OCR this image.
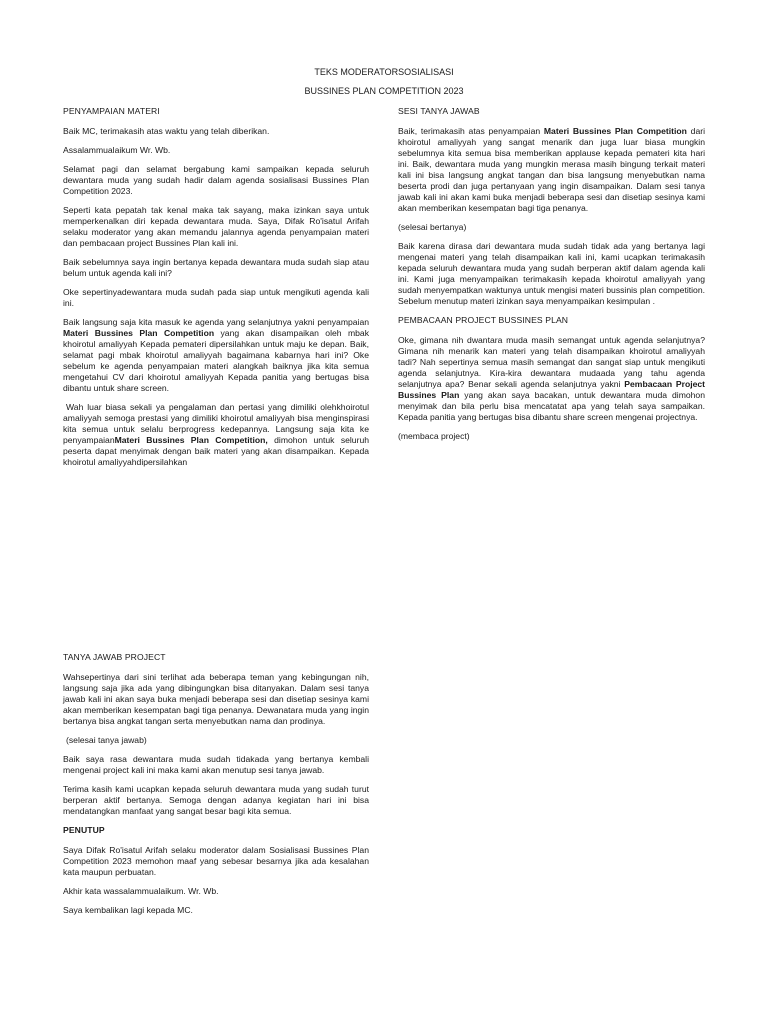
TEKS MODERATORSOSIALISASI
BUSSINES PLAN COMPETITION 2023
PENYAMPAIAN MATERI

Baik MC, terimakasih atas waktu yang telah diberikan.

Assalammualaikum Wr. Wb.

Selamat pagi dan selamat bergabung kami sampaikan kepada seluruh dewantara muda yang sudah hadir dalam agenda sosialisasi Bussines Plan Competition 2023.

Seperti kata pepatah tak kenal maka tak sayang, maka izinkan saya untuk memperkenalkan diri kepada dewantara muda. Saya, Difak Ro'isatul Arifah selaku moderator yang akan memandu jalannya agenda penyampaian materi dan pembacaan project Bussines Plan kali ini.

Baik sebelumnya saya ingin bertanya kepada dewantara muda sudah siap atau belum untuk agenda kali ini?

Oke sepertinyadewantara muda sudah pada siap untuk mengikuti agenda kali ini.

Baik langsung saja kita masuk ke agenda yang selanjutnya yakni penyampaian Materi Bussines Plan Competition yang akan disampaikan oleh mbak khoirotul amaliyyah Kepada pemateri dipersilahkan untuk maju ke depan. Baik, selamat pagi mbak khoirotul amaliyyah bagaimana kabarnya hari ini? Oke sebelum ke agenda penyampaian materi alangkah baiknya jika kita semua mengetahui CV dari khoirotul amaliyyah Kepada panitia yang bertugas bisa dibantu untuk share screen.

Wah luar biasa sekali ya pengalaman dan pertasi yang dimiliki olehkhoirotul amaliyyah semoga prestasi yang dimiliki khoirotul amaliyyah bisa menginspirasi kita semua untuk selalu berprogress kedepannya. Langsung saja kita ke penyampaianMateri Bussines Plan Competition, dimohon untuk seluruh peserta dapat menyimak dengan baik materi yang akan disampaikan. Kepada khoirotul amaliyyahdipersilahkan

SESI TANYA JAWAB

Baik, terimakasih atas penyampaian Materi Bussines Plan Competition dari khoirotul amaliyyah yang sangat menarik dan juga luar biasa mungkin sebelumnya kita semua bisa memberikan applause kepada pemateri kita hari ini. Baik, dewantara muda yang mungkin merasa masih bingung terkait materi kali ini bisa langsung angkat tangan dan bisa langsung menyebutkan nama beserta prodi dan juga pertanyaan yang ingin disampaikan. Dalam sesi tanya jawab kali ini akan kami buka menjadi beberapa sesi dan disetiap sesinya kami akan memberikan kesempatan bagi tiga penanya.

(selesai bertanya)

Baik karena dirasa dari dewantara muda sudah tidak ada yang bertanya lagi mengenai materi yang telah disampaikan kali ini, kami ucapkan terimakasih kepada seluruh dewantara muda yang sudah berperan aktif dalam agenda kali ini. Kami juga menyampaikan terimakasih kepada khoirotul amaliyyah yang sudah menyempatkan waktunya untuk mengisi materi bussinis plan competition. Sebelum menutup materi izinkan saya menyampaikan kesimpulan .

PEMBACAAN PROJECT BUSSINES PLAN

Oke, gimana nih dwantara muda masih semangat untuk agenda selanjutnya? Gimana nih menarik kan materi yang telah disampaikan khoirotul amaliyyah tadi? Nah sepertinya semua masih semangat dan sangat siap untuk mengikuti agenda selanjutnya. Kira-kira dewantara mudaada yang tahu agenda selanjutnya apa? Benar sekali agenda selanjutnya yakni Pembacaan Project Bussines Plan yang akan saya bacakan, untuk dewantara muda dimohon menyimak dan bila perlu bisa mencatatat apa yang telah saya sampaikan. Kepada panitia yang bertugas bisa dibantu share screen mengenai projectnya.

(membaca project)

TANYA JAWAB PROJECT

Wahsepertinya dari sini terlihat ada beberapa teman yang kebingungan nih, langsung saja jika ada yang dibingungkan bisa ditanyakan. Dalam sesi tanya jawab kali ini akan saya buka menjadi beberapa sesi dan disetiap sesinya kami akan memberikan kesempatan bagi tiga penanya. Dewanatara muda yang ingin bertanya bisa angkat tangan serta menyebutkan nama dan prodinya.

(selesai tanya jawab)

Baik saya rasa dewantara muda sudah tidakada yang bertanya kembali mengenai project kali ini maka kami akan menutup sesi tanya jawab.

Terima kasih kami ucapkan kepada seluruh dewantara muda yang sudah turut berperan aktif bertanya. Semoga dengan adanya kegiatan hari ini bisa mendatangkan manfaat yang sangat besar bagi kita semua.

PENUTUP

Saya Difak Ro'isatul Arifah selaku moderator dalam Sosialisasi Bussines Plan Competition 2023 memohon maaf yang sebesar besarnya jika ada kesalahan kata maupun perbuatan.

Akhir kata wassalammualaikum. Wr. Wb.

Saya kembalikan lagi kepada MC.
